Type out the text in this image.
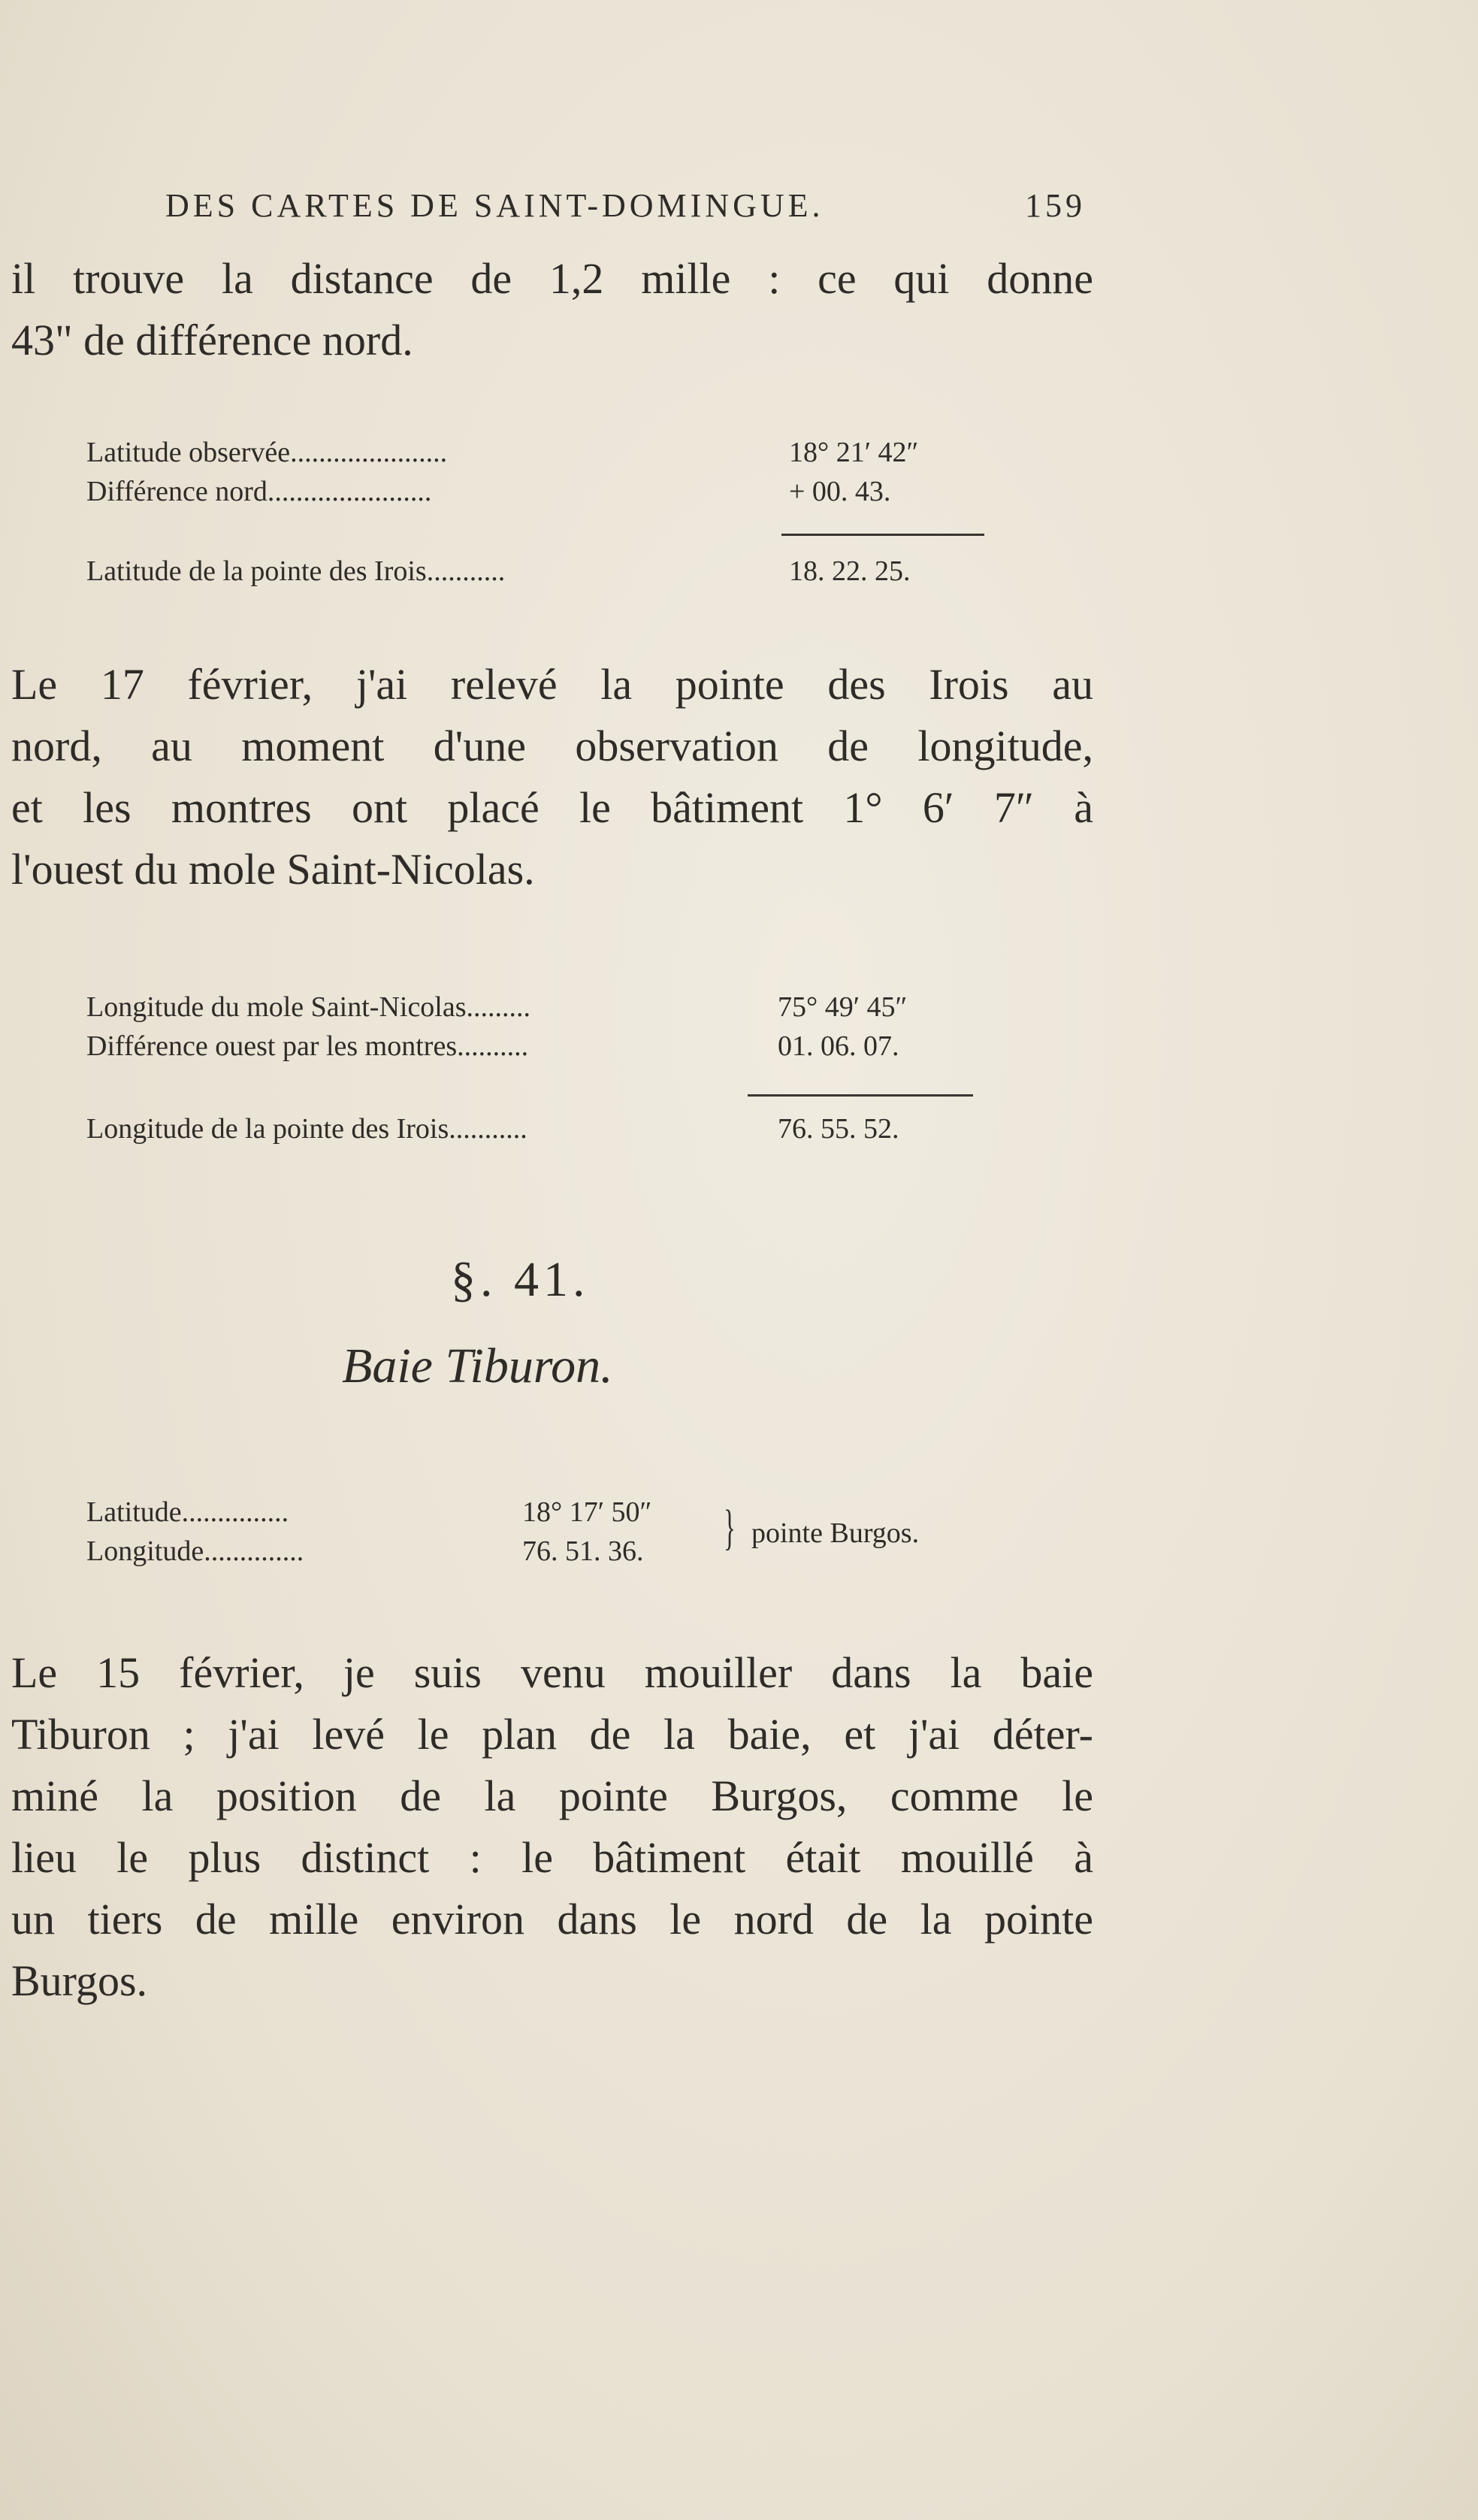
DES CARTES DE SAINT-DOMINGUE.	159
il trouve la distance de 1,2 mille : ce qui donne
43" de différence nord.
Latitude observée......................	18° 21′ 42″
Différence nord.......................	+ 00. 43.
Latitude de la pointe des Irois...........	18. 22. 25.
Le 17 février, j'ai relevé la pointe des Irois au
nord, au moment d'une observation de longitude,
et les montres ont placé le bâtiment 1° 6′ 7″ à
l'ouest du mole Saint-Nicolas.
Longitude du mole Saint-Nicolas.........	75° 49′ 45″
Différence ouest par les montres..........	01. 06. 07.
Longitude de la pointe des Irois...........	76. 55. 52.
§. 41.
Baie Tiburon.
Latitude...............	18° 17′ 50″
Longitude..............	76. 51. 36. } pointe Burgos.
Le 15 février, je suis venu mouiller dans la baie
Tiburon ; j'ai levé le plan de la baie, et j'ai déter-
miné la position de la pointe Burgos, comme le
lieu le plus distinct : le bâtiment était mouillé à
un tiers de mille environ dans le nord de la pointe
Burgos.
